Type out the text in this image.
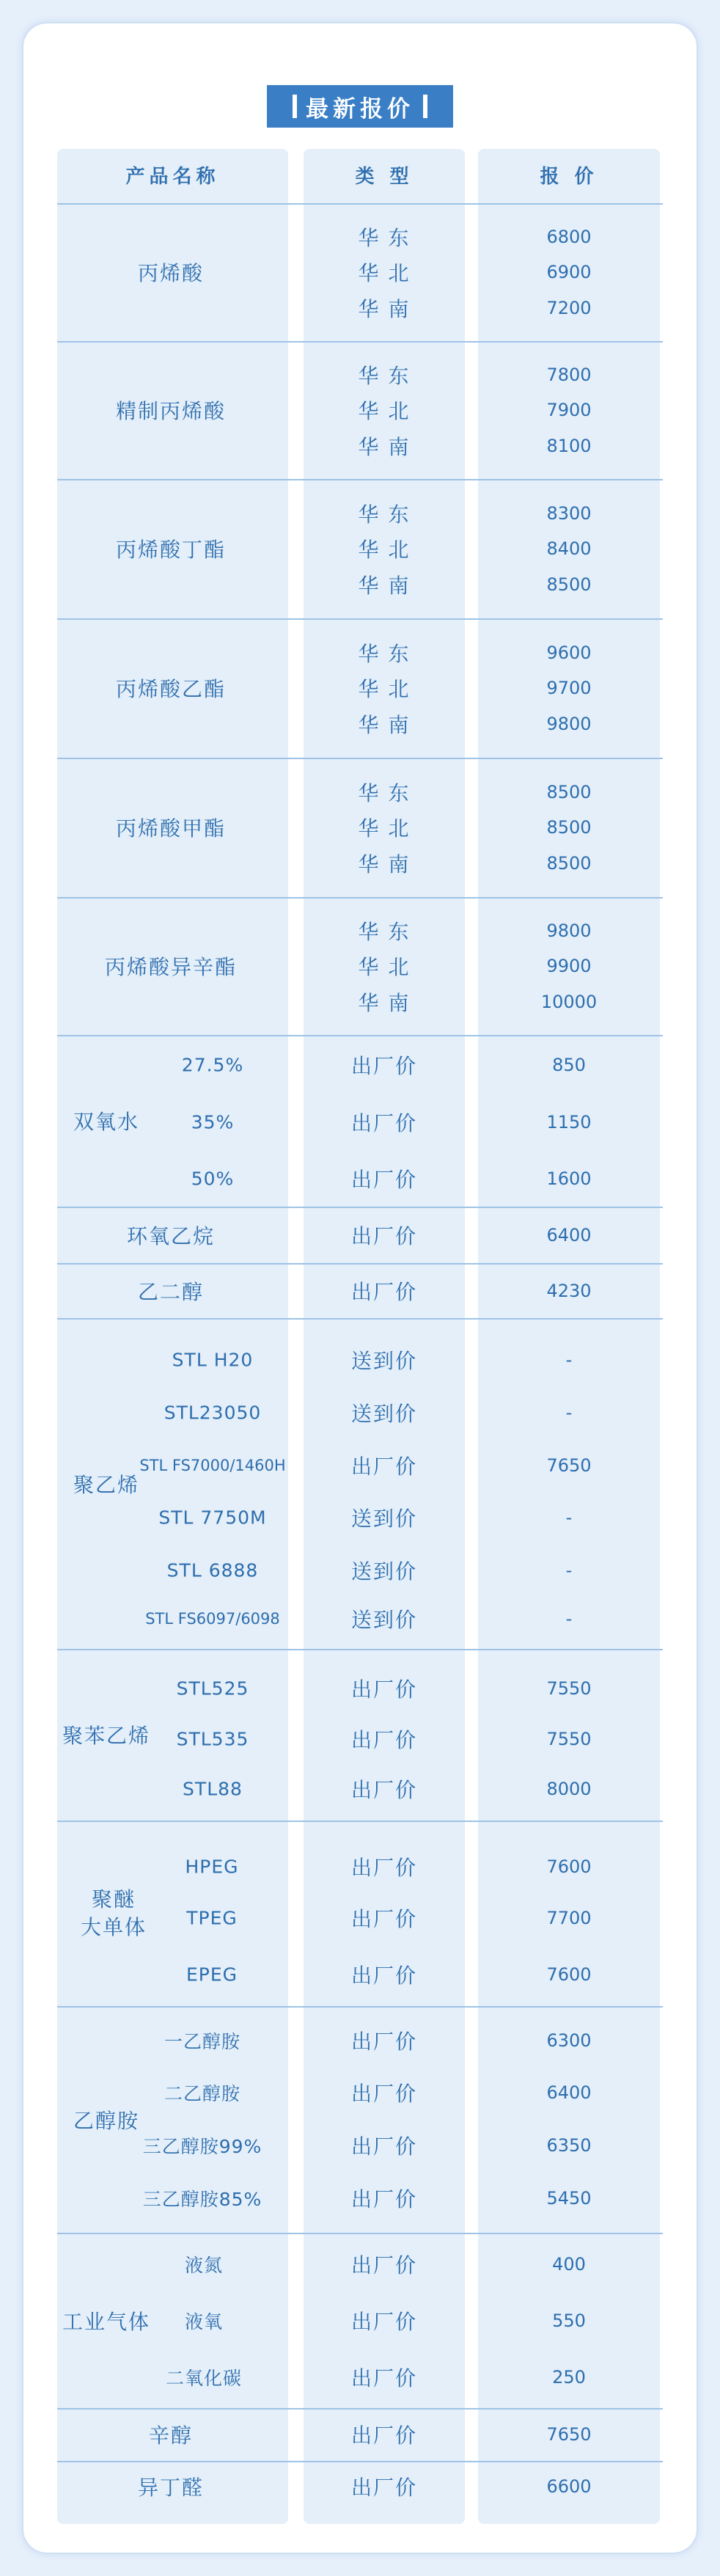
最新报价
产品名称	类 型	报 价
丙烯酸
华 东	6800
华 北	6900
华 南	7200
精制丙烯酸
华 东	7800
华 北	7900
华 南	8100
丙烯酸丁酯
华 东	8300
华 北	8400
华 南	8500
丙烯酸乙酯
华 东	9600
华 北	9700
华 南	9800
丙烯酸甲酯
华 东	8500
华 北	8500
华 南	8500
丙烯酸异辛酯
华 东	9800
华 北	9900
华 南	10000
双氧水
27.5%	出厂价	850
35%	出厂价	1150
50%	出厂价	1600
环氧乙烷	出厂价	6400
乙二醇	出厂价	4230
聚乙烯
STL H20	送到价	-
STL23050	送到价	-
STL FS7000/1460H	出厂价	7650
STL 7750M	送到价	-
STL 6888	送到价	-
STL FS6097/6098	送到价	-
聚苯乙烯
STL525	出厂价	7550
STL535	出厂价	7550
STL88	出厂价	8000
聚醚
大单体
HPEG	出厂价	7600
TPEG	出厂价	7700
EPEG	出厂价	7600
乙醇胺
一乙醇胺	出厂价	6300
二乙醇胺	出厂价	6400
三乙醇胺99%	出厂价	6350
三乙醇胺85%	出厂价	5450
工业气体
液氮	出厂价	400
液氧	出厂价	550
二氧化碳	出厂价	250
辛醇	出厂价	7650
异丁醛	出厂价	6600
